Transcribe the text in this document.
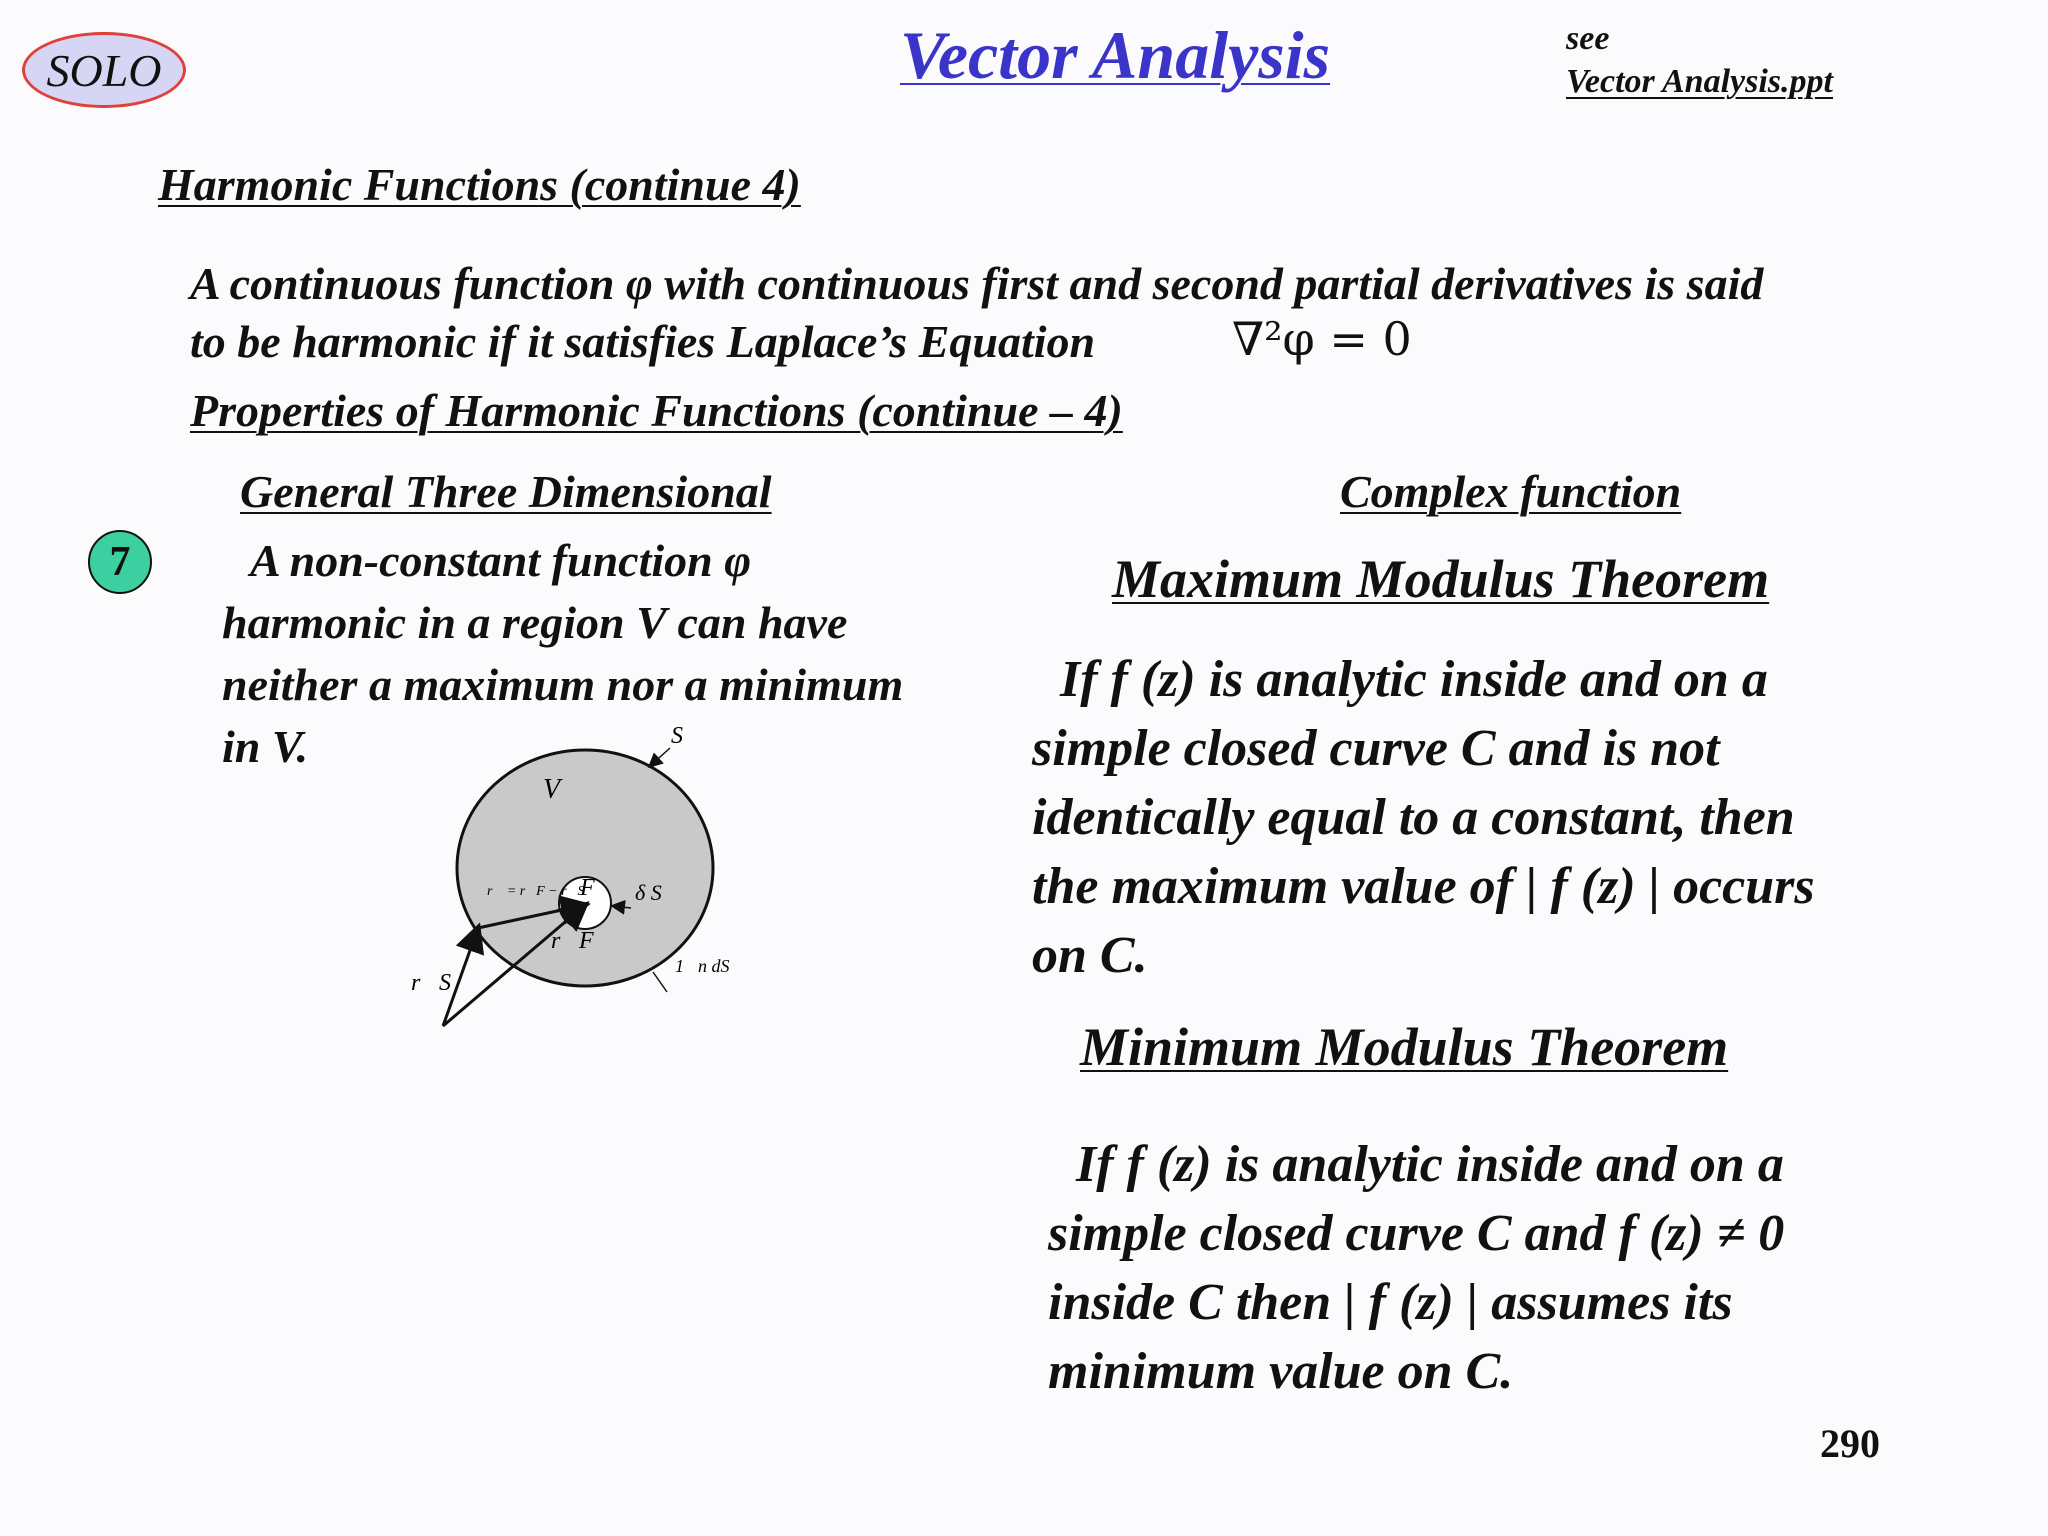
SOLO	Vector Analysis	see
Vector Analysis.ppt
Harmonic Functions (continue 4)
A continuous function φ with continuous first and second partial derivatives is said
to be harmonic if it satisfies Laplace’s Equation	∇²φ = 0
Properties of Harmonic Functions (continue – 4)
General Three Dimensional
7	A non-constant function φ
harmonic in a region V can have
neither a maximum nor a minimum
in V.	S
V
F δ S
r⃗ = r⃗F − r⃗S
r⃗F
r⃗S
1⃗n dS
Complex function
Maximum Modulus Theorem
If f (z) is analytic inside and on a
simple closed curve C and is not
identically equal to a constant, then
the maximum value of | f (z) | occurs
on C.
Minimum Modulus Theorem
If f (z) is analytic inside and on a
simple closed curve C and f (z) ≠ 0
inside C then | f (z) | assumes its
minimum value on C.
290
